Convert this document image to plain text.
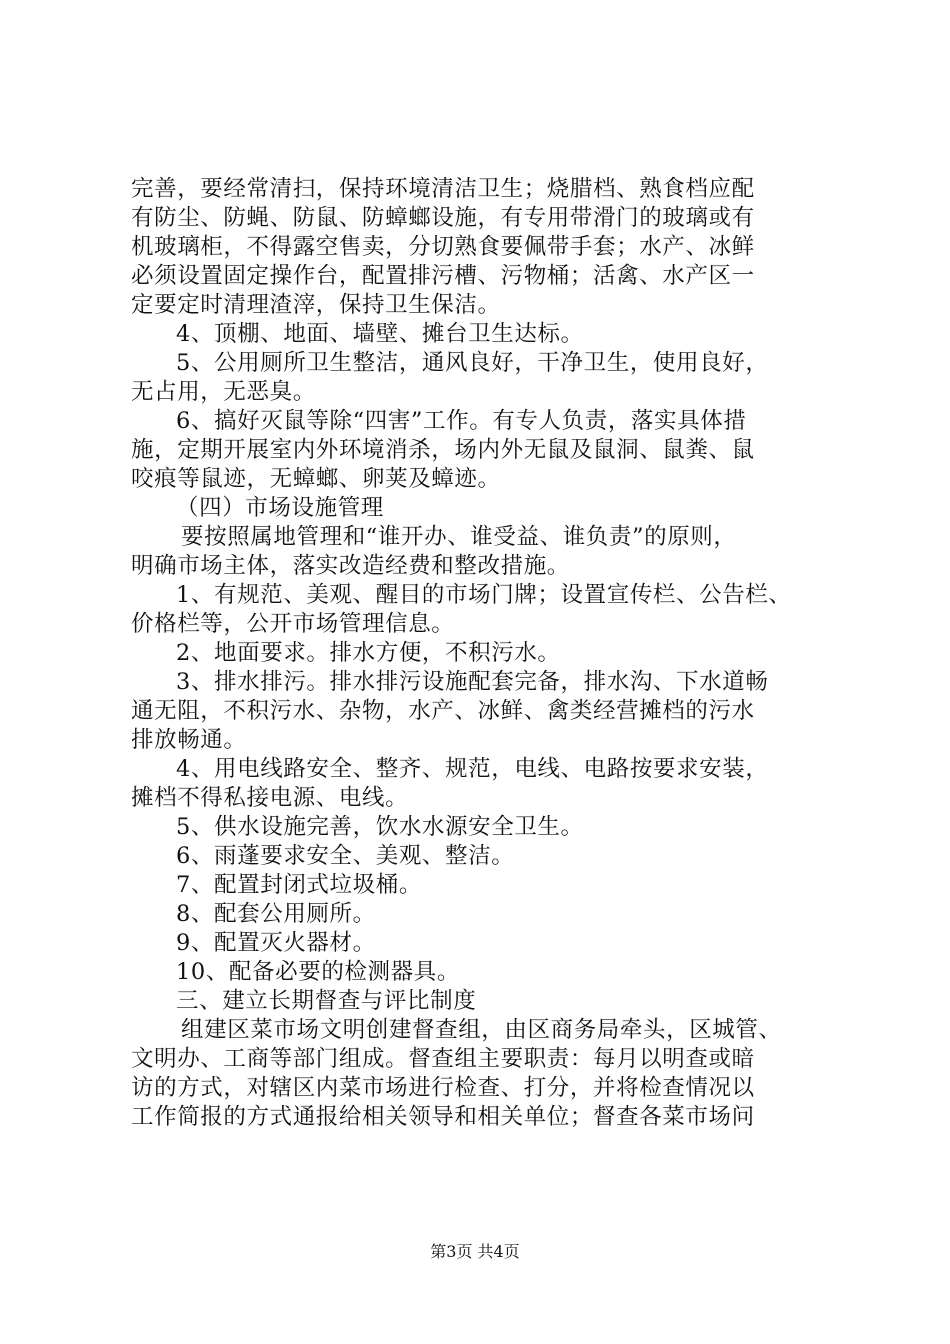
完善，要经常清扫，保持环境清洁卫生；烧腊档、熟食档应配
有防尘、防蝇、防鼠、防蟑螂设施，有专用带滑门的玻璃或有
机玻璃柜，不得露空售卖，分切熟食要佩带手套；水产、冰鲜
必须设置固定操作台，配置排污槽、污物桶；活禽、水产区一
定要定时清理渣滓，保持卫生保洁。
4、顶棚、地面、墙壁、摊台卫生达标。
5、公用厕所卫生整洁，通风良好，干净卫生，使用良好，
无占用，无恶臭。
6、搞好灭鼠等除“四害”工作。有专人负责，落实具体措
施，定期开展室内外环境消杀，场内外无鼠及鼠洞、鼠粪、鼠
咬痕等鼠迹，无蟑螂、卵荚及蟑迹。
（四）市场设施管理
要按照属地管理和“谁开办、谁受益、谁负责”的原则，
明确市场主体，落实改造经费和整改措施。
1、有规范、美观、醒目的市场门牌；设置宣传栏、公告栏、
价格栏等，公开市场管理信息。
2、地面要求。排水方便，不积污水。
3、排水排污。排水排污设施配套完备，排水沟、下水道畅
通无阻，不积污水、杂物，水产、冰鲜、禽类经营摊档的污水
排放畅通。
4、用电线路安全、整齐、规范，电线、电路按要求安装，
摊档不得私接电源、电线。
5、供水设施完善，饮水水源安全卫生。
6、雨蓬要求安全、美观、整洁。
7、配置封闭式垃圾桶。
8、配套公用厕所。
9、配置灭火器材。
10、配备必要的检测器具。
三、建立长期督查与评比制度
组建区菜市场文明创建督查组，由区商务局牵头，区城管、
文明办、工商等部门组成。督查组主要职责：每月以明查或暗
访的方式，对辖区内菜市场进行检查、打分，并将检查情况以
工作简报的方式通报给相关领导和相关单位；督查各菜市场问
第3页 共4页
